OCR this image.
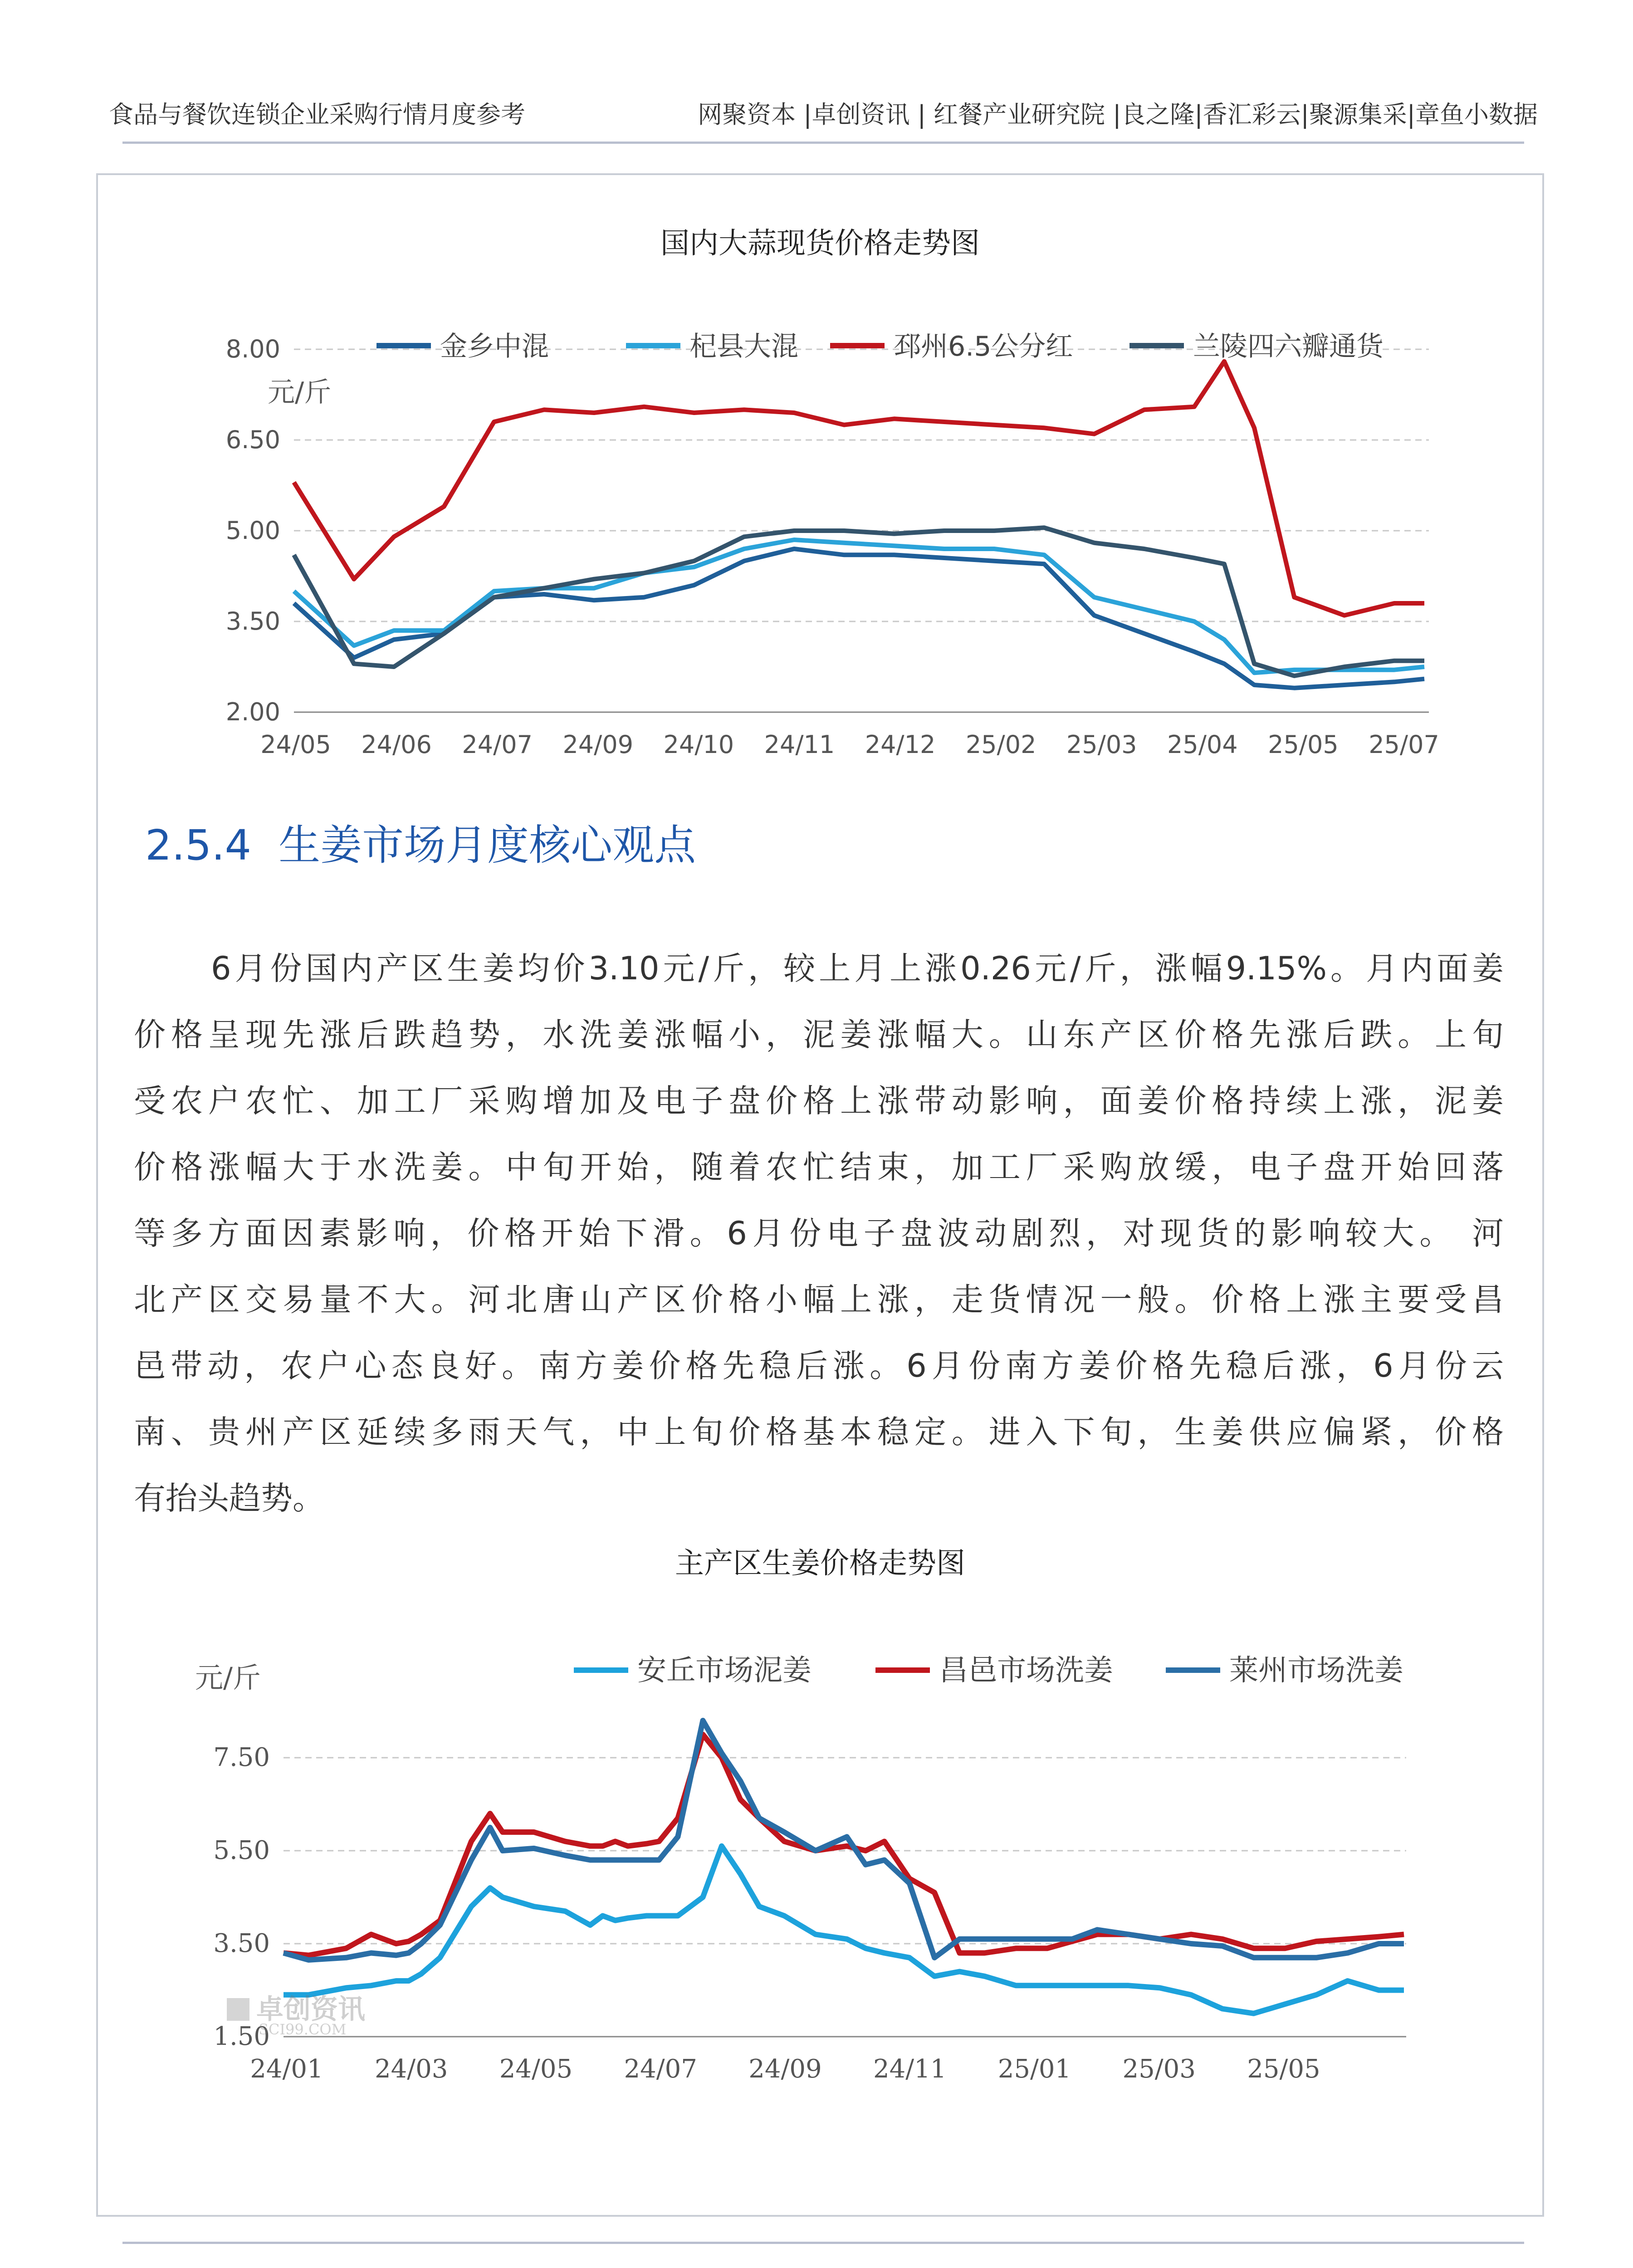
食品与餐饮连锁企业采购行情月度参考	网聚资本 |卓创资讯 | 红餐产业研究院 |良之隆|香汇彩云|聚源集采|章鱼小数据
国内大蒜现货价格走势图
8.00
6.50
5.00
3.50
2.00
24/05 24/06 24/07 24/09 24/10 24/11 24/12 25/02 25/03 25/04 25/05 25/07
元/斤
金乡中混	杞县大混	邳州6.5公分红	兰陵四六瓣通货
2.5.4 生姜市场月度核心观点
6月份国内产区生姜均价3.10元/斤，较上月上涨0.26元/斤，涨幅9.15%。月内面姜
价格呈现先涨后跌趋势，水洗姜涨幅小，泥姜涨幅大。山东产区价格先涨后跌。上旬
受农户农忙、加工厂采购增加及电子盘价格上涨带动影响，面姜价格持续上涨，泥姜
价格涨幅大于水洗姜。中旬开始，随着农忙结束，加工厂采购放缓，电子盘开始回落
等多方面因素影响，价格开始下滑。6月份电子盘波动剧烈，对现货的影响较大。 河
北产区交易量不大。河北唐山产区价格小幅上涨，走货情况一般。价格上涨主要受昌
邑带动，农户心态良好。南方姜价格先稳后涨。6月份南方姜价格先稳后涨，6月份云
南、贵州产区延续多雨天气，中上旬价格基本稳定。进入下旬，生姜供应偏紧，价格
有抬头趋势。
主产区生姜价格走势图
7.50
5.50
3.50
1.50
24/01 24/03 24/05 24/07 24/09 24/11 25/01 25/03 25/05
元/斤	安丘市场泥姜	昌邑市场洗姜	莱州市场洗姜
卓创资讯
SCI99.COM
